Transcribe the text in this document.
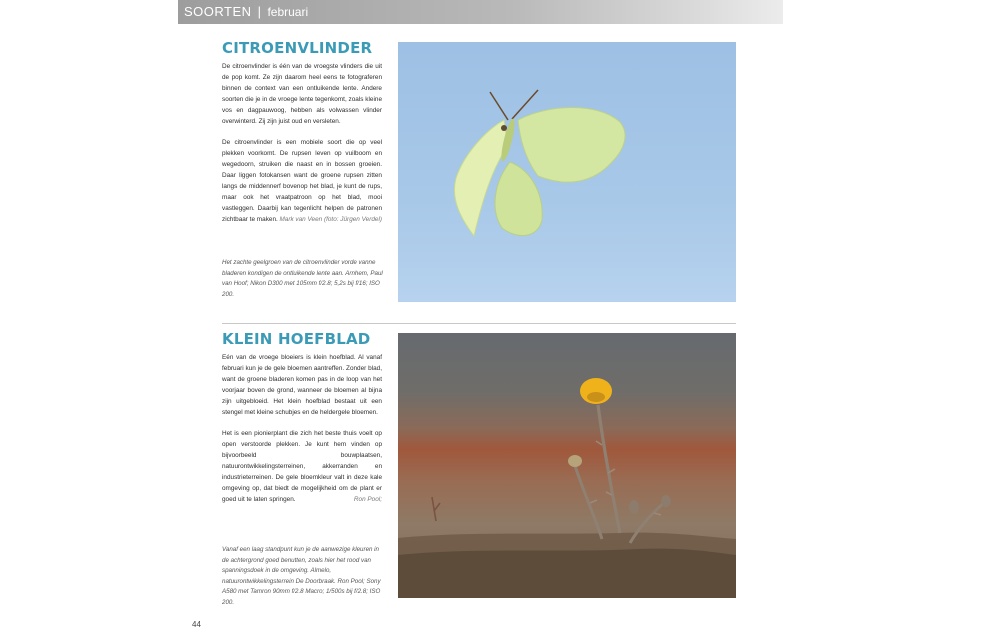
SOORTEN | februari
CITROENVLINDER

De citroenvlinder is één van de vroegste vlinders die uit de pop komt. Ze zijn daarom heel eens te fotograferen binnen de context van een ontluikende lente. Andere soorten die je in de vroege lente tegenkomt, zoals kleine vos en dagpauwoog, hebben als volwassen vlinder overwinterd. Zij zijn juist oud en versleten.

De citroenvlinder is een mobiele soort die op veel plekken voorkomt. De rupsen leven op vuilboom en wegedoorn, struiken die naast en in bossen groeien. Daar liggen fotokansen want de groene rupsen zitten langs de middennerf bovenop het blad, je kunt de rups, maar ook het vraatpatroon op het blad, mooi vastleggen. Daarbij kan tegenlicht helpen de patronen zichtbaar te maken. Mark van Veen (foto: Jürgen Verdel)

Het zachte geelgroen van de citroenvlinder vorde vanne bladeren kondigen de ontluikende lente aan. Arnhem, Paul van Hoof; Nikon D300 met 105mm f/2.8; 5,2s bij f/16; ISO 200.
KLEIN HOEFBLAD

Eén van de vroege bloeiers is klein hoefblad. Al vanaf februari kun je de gele bloemen aantreffen. Zonder blad, want de groene bladeren komen pas in de loop van het voorjaar boven de grond, wanneer de bloemen al bijna zijn uitgebloeid. Het klein hoefblad bestaat uit een stengel met kleine schubjes en de heldergele bloemen.

Het is een pionierplant die zich het beste thuis voelt op open verstoorde plekken. Je kunt hem vinden op bijvoorbeeld bouwplaatsen, natuurontwikkelingsterreinen, akkerranden en industrieterreinen. De gele bloemkleur valt in deze kale omgeving op, dat biedt de mogelijkheid om de plant er goed uit te laten springen.	Ron Pool;

Vanaf een laag standpunt kun je de aanwezige kleuren in de achtergrond goed benutten, zoals hier het rood van spanningsdoek in de omgeving. Almelo, natuurontwikkelingsterrein De Doorbraak. Ron Pool; Sony A580 met Tamron 90mm f/2.8 Macro; 1/500s bij f/2.8; ISO 200.
44
